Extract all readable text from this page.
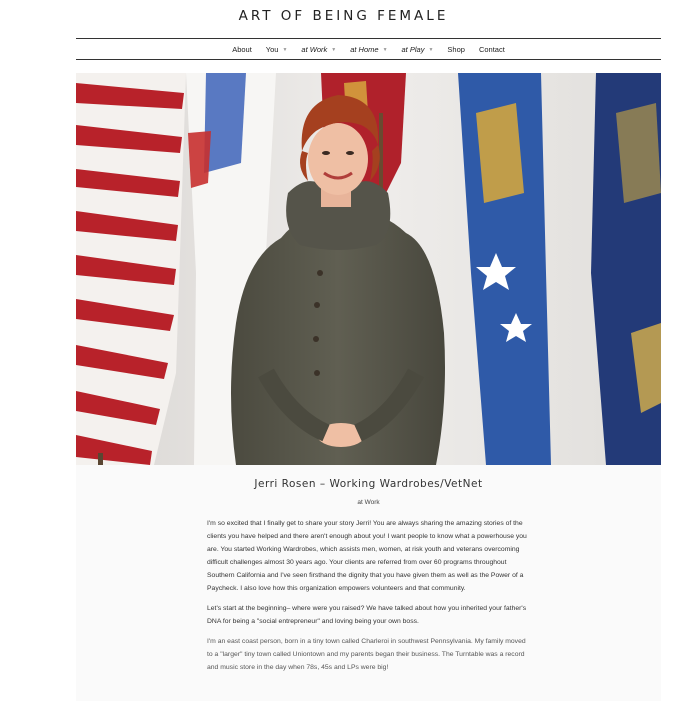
ART OF BEING FEMALE
About You ▼ at Work ▼ at Home ▼ at Play ▼ Shop Contact
Jerri Rosen – Working Wardrobes/VetNet
at Work

I'm so excited that I finally get to share your story Jerri! You are always sharing the amazing stories of the clients you have helped and there aren't enough about you! I want people to know what a powerhouse you are. You started Working Wardrobes, which assists men, women, at risk youth and veterans overcoming difficult challenges almost 30 years ago. Your clients are referred from over 60 programs throughout Southern California and I've seen firsthand the dignity that you have given them as well as the Power of a Paycheck. I also love how this organization empowers volunteers and that community.

Let's start at the beginning– where were you raised? We have talked about how you inherited your father's DNA for being a "social entrepreneur" and loving being your own boss.

I'm an east coast person, born in a tiny town called Charleroi in southwest Pennsylvania. My family moved to a "larger" tiny town called Uniontown and my parents began their business. The Turntable was a record and music store in the day when 78s, 45s and LPs were big!
